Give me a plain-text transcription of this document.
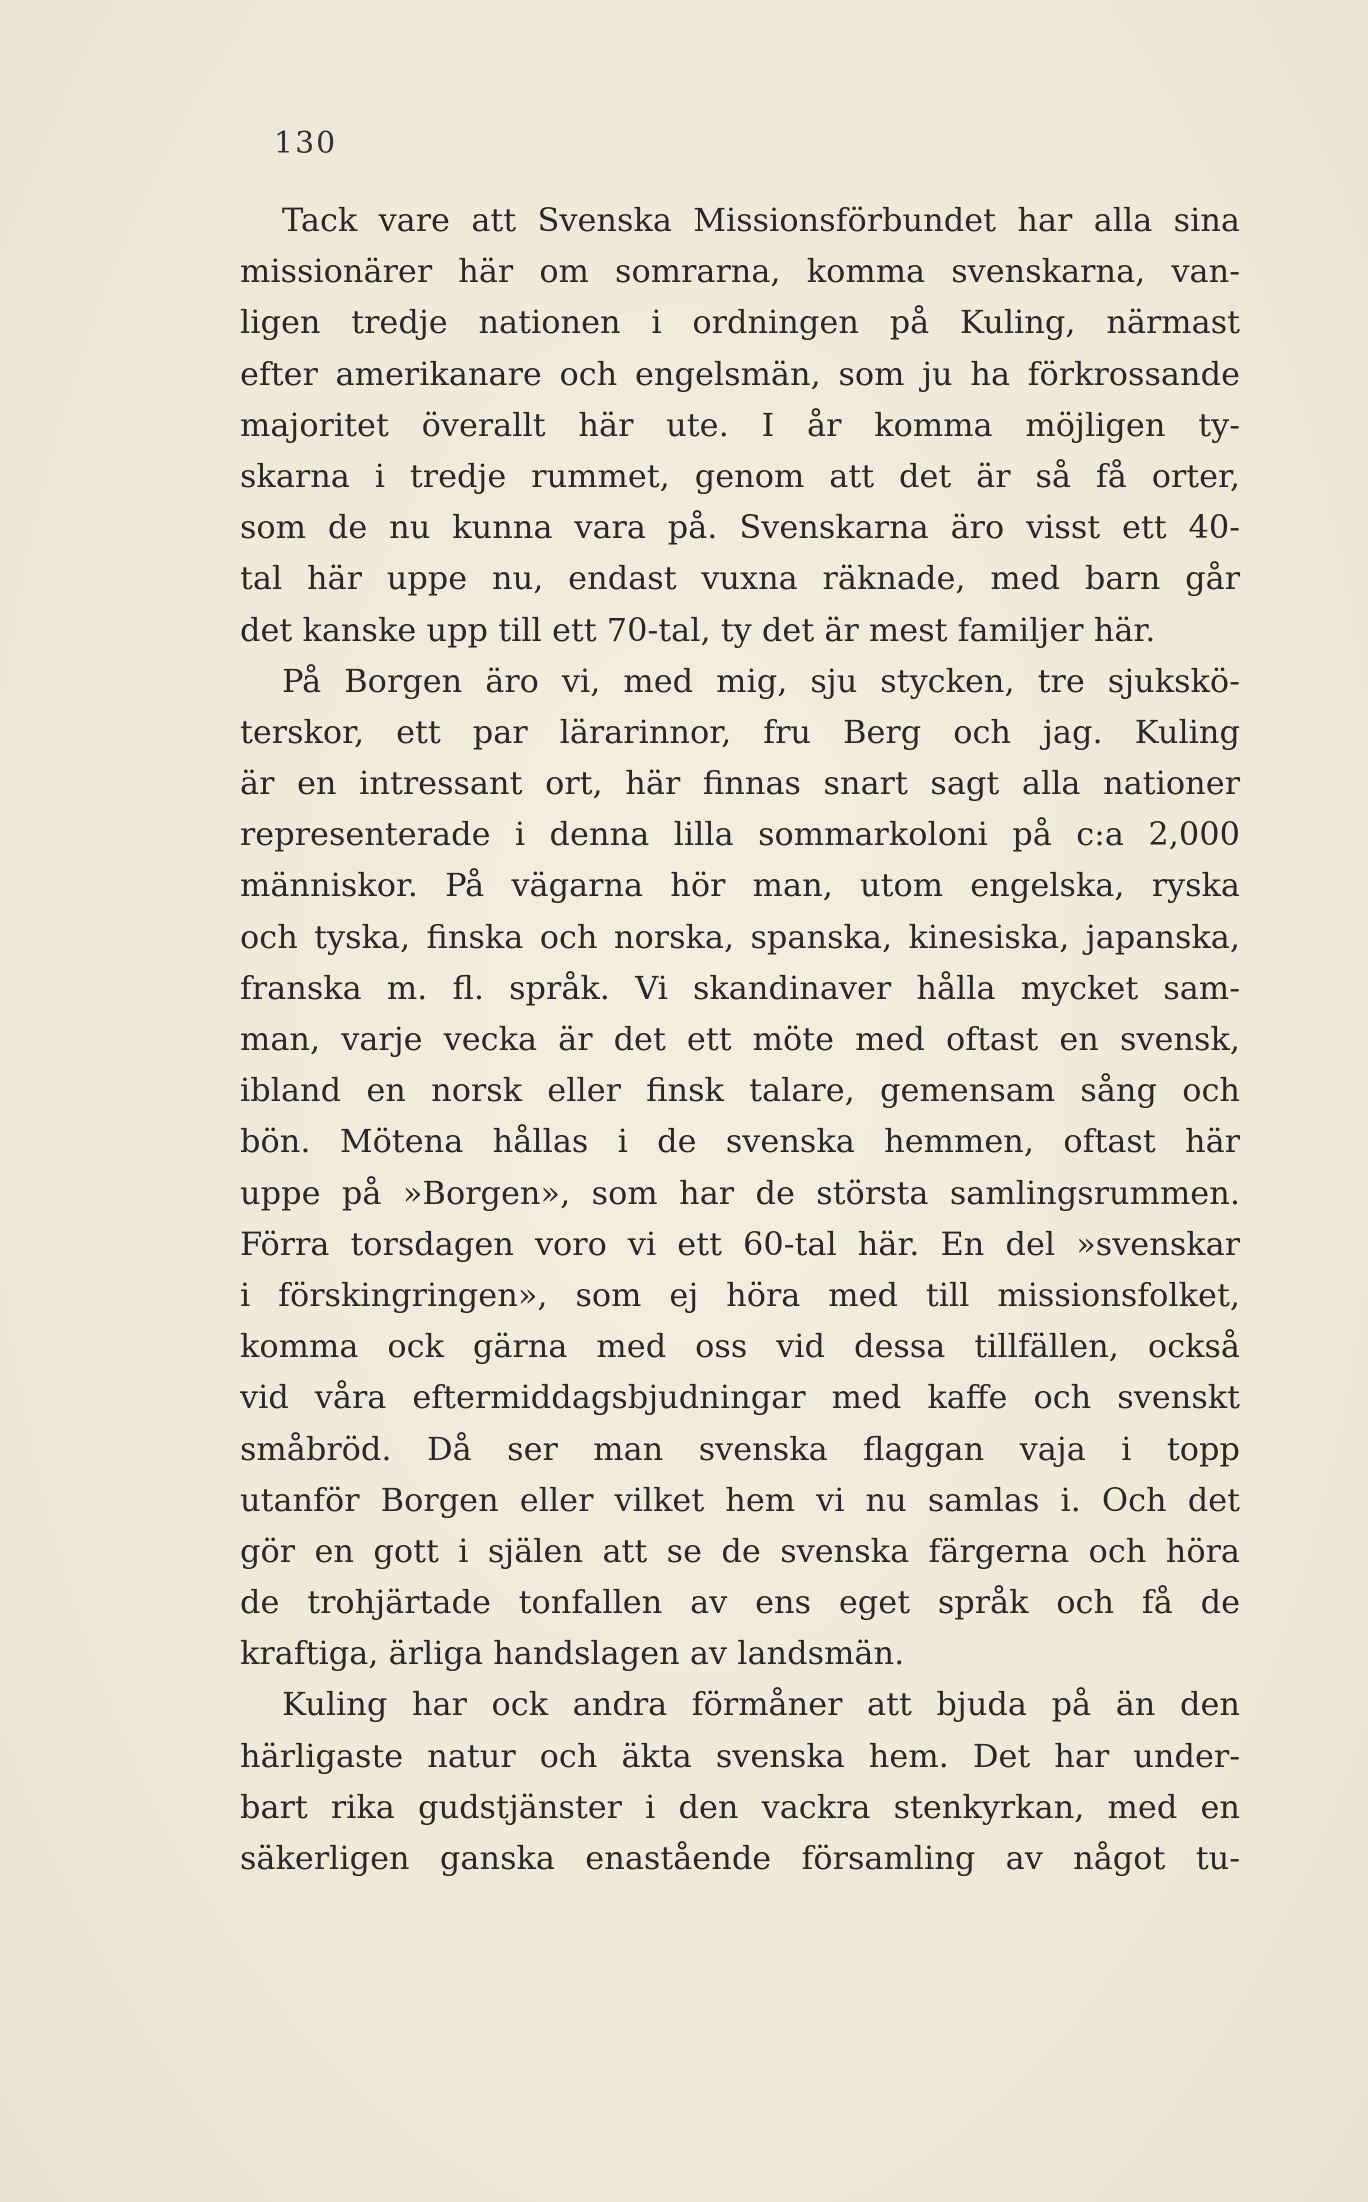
130
Tack vare att Svenska Missionsförbundet har alla sina
missionärer här om somrarna, komma svenskarna, van-
ligen tredje nationen i ordningen på Kuling, närmast
efter amerikanare och engelsmän, som ju ha förkrossande
majoritet överallt här ute. I år komma möjligen ty-
skarna i tredje rummet, genom att det är så få orter,
som de nu kunna vara på. Svenskarna äro visst ett 40-
tal här uppe nu, endast vuxna räknade, med barn går
det kanske upp till ett 70-tal, ty det är mest familjer här.
På Borgen äro vi, med mig, sju stycken, tre sjukskö-
terskor, ett par lärarinnor, fru Berg och jag. Kuling
är en intressant ort, här finnas snart sagt alla nationer
representerade i denna lilla sommarkoloni på c:a 2,000
människor. På vägarna hör man, utom engelska, ryska
och tyska, finska och norska, spanska, kinesiska, japanska,
franska m. fl. språk. Vi skandinaver hålla mycket sam-
man, varje vecka är det ett möte med oftast en svensk,
ibland en norsk eller finsk talare, gemensam sång och
bön. Mötena hållas i de svenska hemmen, oftast här
uppe på »Borgen», som har de största samlingsrummen.
Förra torsdagen voro vi ett 60-tal här. En del »svenskar
i förskingringen», som ej höra med till missionsfolket,
komma ock gärna med oss vid dessa tillfällen, också
vid våra eftermiddagsbjudningar med kaffe och svenskt
småbröd. Då ser man svenska flaggan vaja i topp
utanför Borgen eller vilket hem vi nu samlas i. Och det
gör en gott i själen att se de svenska färgerna och höra
de trohjärtade tonfallen av ens eget språk och få de
kraftiga, ärliga handslagen av landsmän.
Kuling har ock andra förmåner att bjuda på än den
härligaste natur och äkta svenska hem. Det har under-
bart rika gudstjänster i den vackra stenkyrkan, med en
säkerligen ganska enastående församling av något tu-
